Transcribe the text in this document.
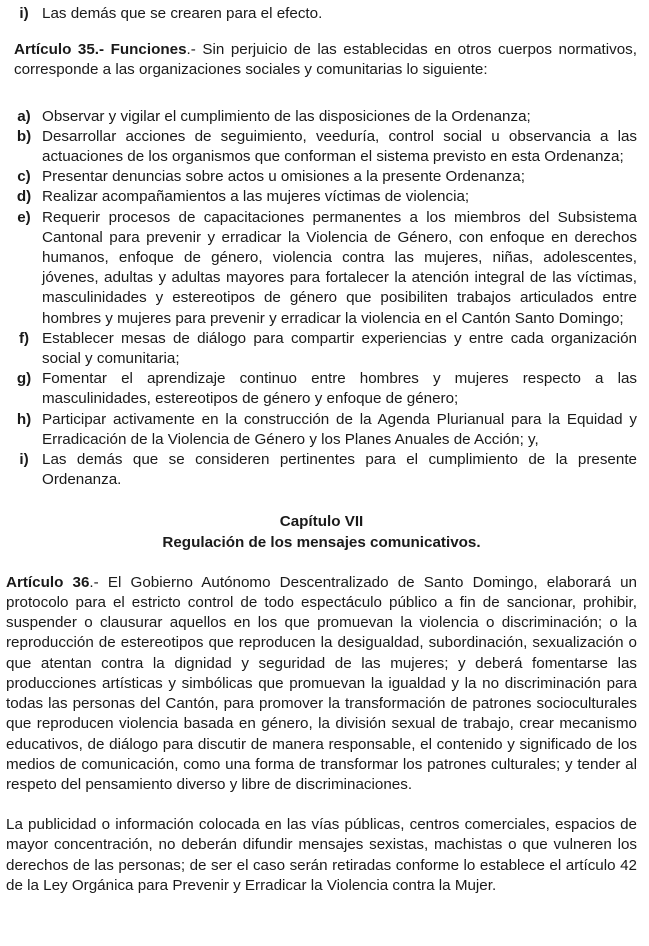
i) Las demás que se crearen para el efecto.

Artículo 35.- Funciones.- Sin perjuicio de las establecidas en otros cuerpos normativos, corresponde a las organizaciones sociales y comunitarias lo siguiente:

a) Observar y vigilar el cumplimiento de las disposiciones de la Ordenanza;
b) Desarrollar acciones de seguimiento, veeduría, control social u observancia a las actuaciones de los organismos que conforman el sistema previsto en esta Ordenanza;
c) Presentar denuncias sobre actos u omisiones a la presente Ordenanza;
d) Realizar acompañamientos a las mujeres víctimas de violencia;
e) Requerir procesos de capacitaciones permanentes a los miembros del Subsistema Cantonal para prevenir y erradicar la Violencia de Género, con enfoque en derechos humanos, enfoque de género, violencia contra las mujeres, niñas, adolescentes, jóvenes, adultas y adultas mayores para fortalecer la atención integral de las víctimas, masculinidades y estereotipos de género que posibiliten trabajos articulados entre hombres y mujeres para prevenir y erradicar la violencia en el Cantón Santo Domingo;
f) Establecer mesas de diálogo para compartir experiencias y entre cada organización social y comunitaria;
g) Fomentar el aprendizaje continuo entre hombres y mujeres respecto a las masculinidades, estereotipos de género y enfoque de género;
h) Participar activamente en la construcción de la Agenda Plurianual para la Equidad y Erradicación de la Violencia de Género y los Planes Anuales de Acción; y,
i) Las demás que se consideren pertinentes para el cumplimiento de la presente Ordenanza.

Capítulo VII

Regulación de los mensajes comunicativos.

Artículo 36.- El Gobierno Autónomo Descentralizado de Santo Domingo, elaborará un protocolo para el estricto control de todo espectáculo público a fin de sancionar, prohibir, suspender o clausurar aquellos en los que promuevan la violencia o discriminación; o la reproducción de estereotipos que reproducen la desigualdad, subordinación, sexualización o que atentan contra la dignidad y seguridad de las mujeres; y deberá fomentarse las producciones artísticas y simbólicas que promuevan la igualdad y la no discriminación para todas las personas del Cantón, para promover la transformación de patrones socioculturales que reproducen violencia basada en género, la división sexual de trabajo, crear mecanismo educativos, de diálogo para discutir de manera responsable, el contenido y significado de los medios de comunicación, como una forma de transformar los patrones culturales; y tender al respeto del pensamiento diverso y libre de discriminaciones.

La publicidad o información colocada en las vías públicas, centros comerciales, espacios de mayor concentración, no deberán difundir mensajes sexistas, machistas o que vulneren los derechos de las personas; de ser el caso serán retiradas conforme lo establece el artículo 42 de la Ley Orgánica para Prevenir y Erradicar la Violencia contra la Mujer.
